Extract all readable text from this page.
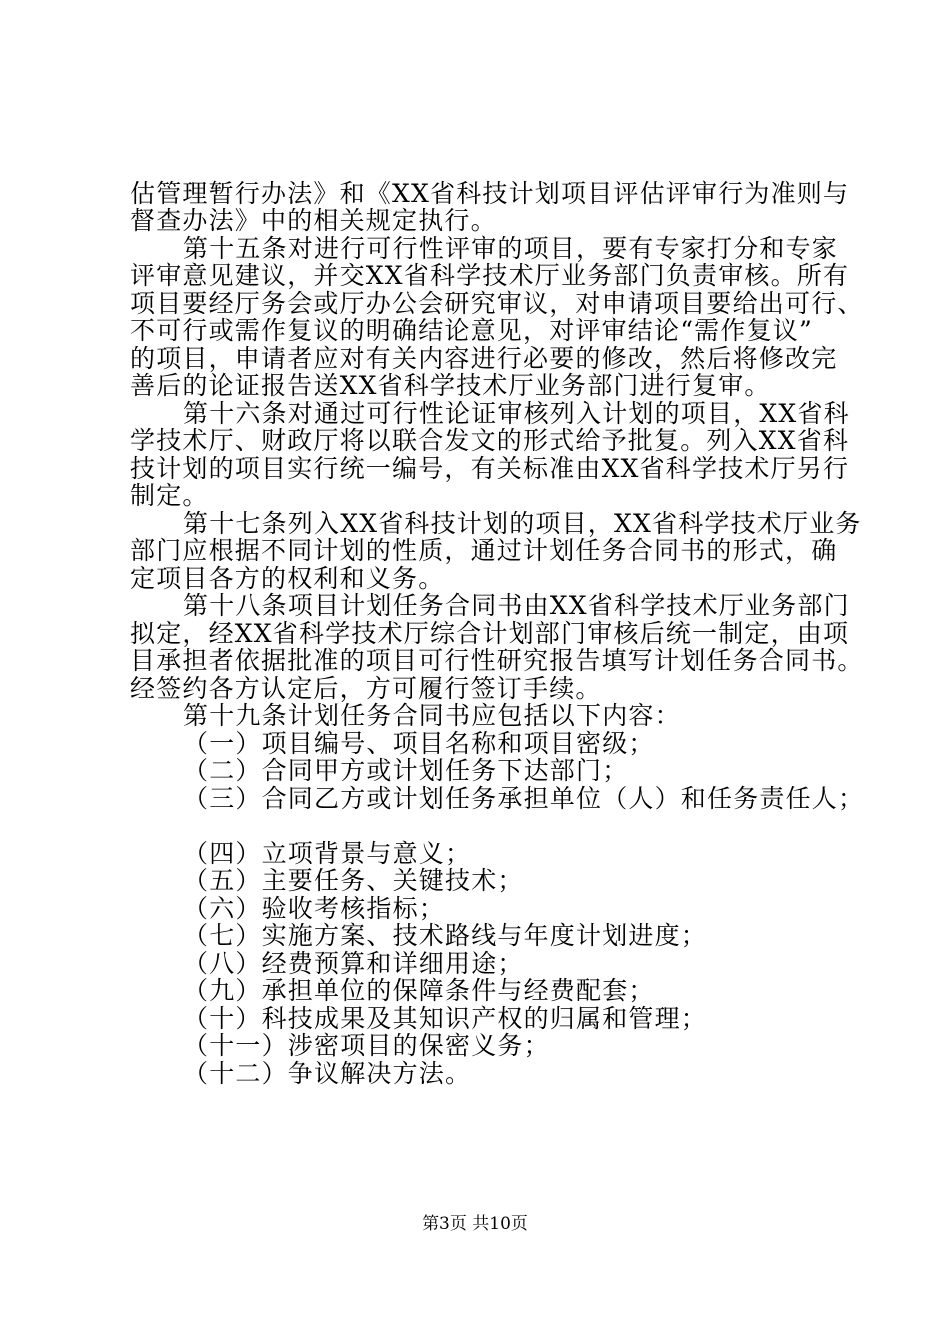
估管理暂行办法》和《XX省科技计划项目评估评审行为准则与
督查办法》中的相关规定执行。
第十五条对进行可行性评审的项目，要有专家打分和专家
评审意见建议，并交XX省科学技术厅业务部门负责审核。所有
项目要经厅务会或厅办公会研究审议，对申请项目要给出可行、
不可行或需作复议的明确结论意见，对评审结论“需作复议”
的项目，申请者应对有关内容进行必要的修改，然后将修改完
善后的论证报告送XX省科学技术厅业务部门进行复审。
第十六条对通过可行性论证审核列入计划的项目，XX省科
学技术厅、财政厅将以联合发文的形式给予批复。列入XX省科
技计划的项目实行统一编号，有关标准由XX省科学技术厅另行
制定。
第十七条列入XX省科技计划的项目，XX省科学技术厅业务
部门应根据不同计划的性质，通过计划任务合同书的形式，确
定项目各方的权利和义务。
第十八条项目计划任务合同书由XX省科学技术厅业务部门
拟定，经XX省科学技术厅综合计划部门审核后统一制定，由项
目承担者依据批准的项目可行性研究报告填写计划任务合同书。
经签约各方认定后，方可履行签订手续。
第十九条计划任务合同书应包括以下内容：
（一）项目编号、项目名称和项目密级；
（二）合同甲方或计划任务下达部门；
（三）合同乙方或计划任务承担单位（人）和任务责任人；
（四）立项背景与意义；
（五）主要任务、关键技术；
（六）验收考核指标；
（七）实施方案、技术路线与年度计划进度；
（八）经费预算和详细用途；
（九）承担单位的保障条件与经费配套；
（十）科技成果及其知识产权的归属和管理；
（十一）涉密项目的保密义务；
（十二）争议解决方法。
第3页 共10页
